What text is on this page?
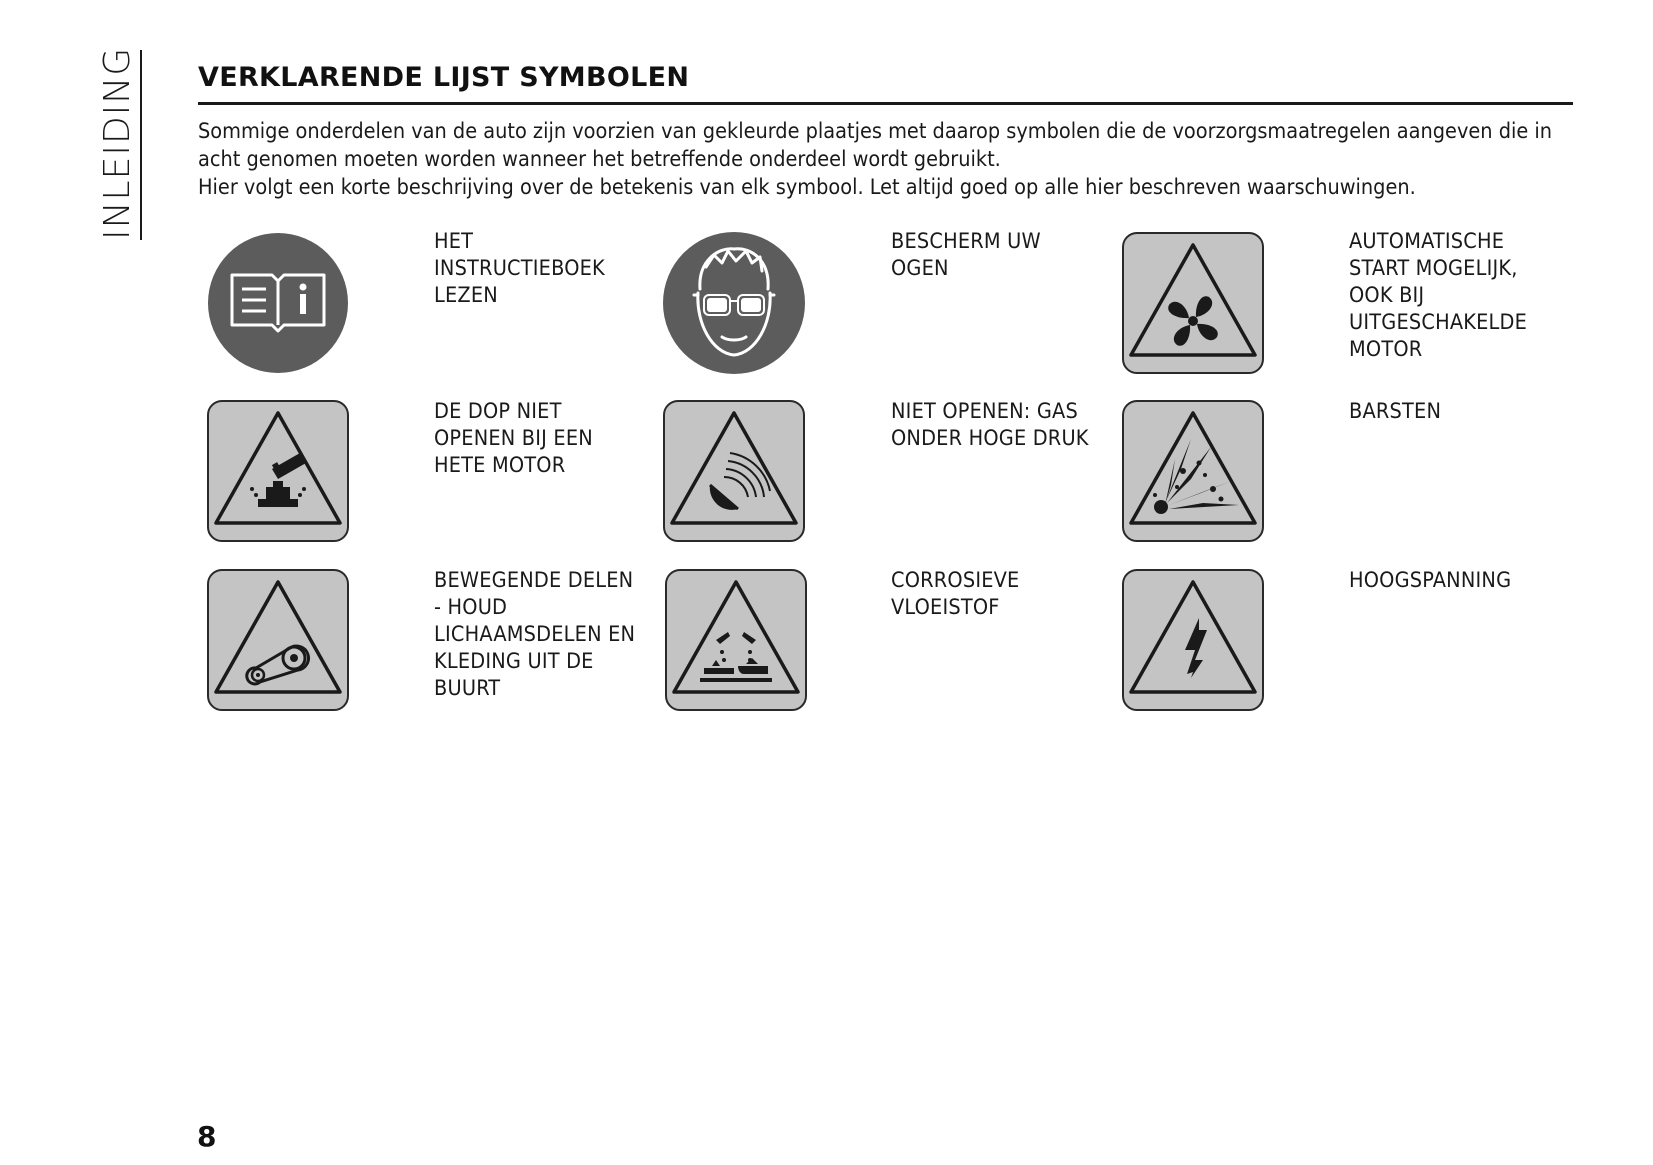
INLEIDING VERKLARENDE LIJST SYMBOLEN

Sommige onderdelen van de auto zijn voorzien van gekleurde plaatjes met daarop symbolen die de voorzorgsmaatregelen aangeven die in acht genomen moeten worden wanneer het betreffende onderdeel wordt gebruikt.

Hier volgt een korte beschrijving over de betekenis van elk symbool. Let altijd goed op alle hier beschreven waarschuwingen.

HET
INSTRUCTIEBOEK
LEZEN
BESCHERM UW
OGEN
AUTOMATISCHE
START MOGELIJK,
OOK BIJ
UITGESCHAKELDE
MOTOR
DE DOP NIET
OPENEN BIJ EEN
HETE MOTOR
NIET OPENEN: GAS
ONDER HOGE DRUK
BARSTEN
BEWEGENDE DELEN
- HOUD
LICHAAMSDELEN EN
KLEDING UIT DE
BUURT
CORROSIEVE
VLOEISTOF
HOOGSPANNING
8
